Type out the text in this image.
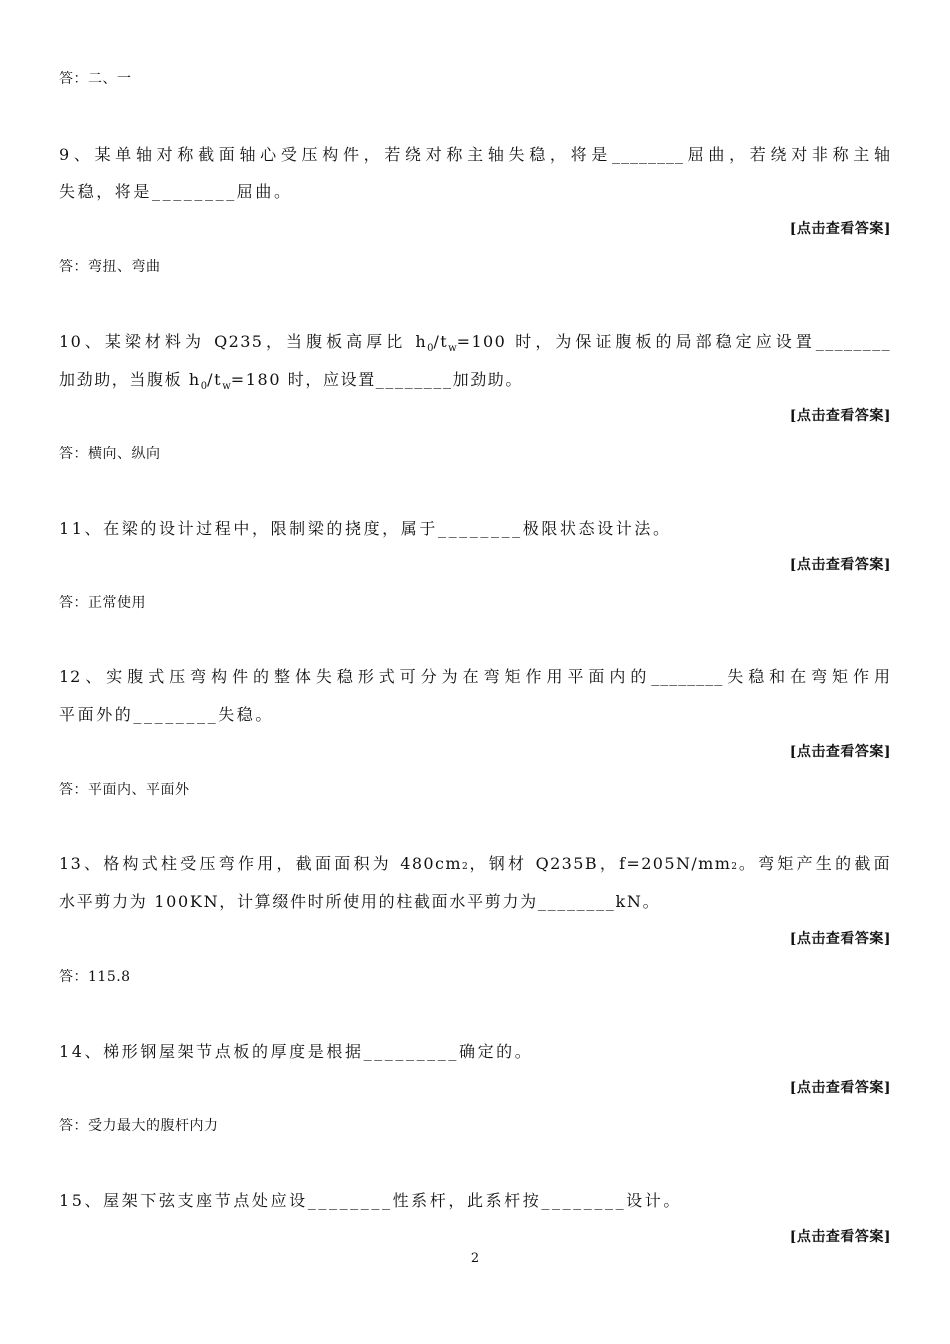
答：二、一
9、某单轴对称截面轴心受压构件，若绕对称主轴失稳，将是________屈曲，若绕对非称主轴
失稳，将是________屈曲。
[点击查看答案]
答：弯扭、弯曲
10、某梁材料为 Q235，当腹板高厚比 $h_0/t_w=100$ 时，为保证腹板的局部稳定应设置________
加劲助，当腹板 $h_0/t_w=180$ 时，应设置________加劲助。
[点击查看答案]
答：横向、纵向
11、在梁的设计过程中，限制梁的挠度，属于________极限状态设计法。
[点击查看答案]
答：正常使用
12、实腹式压弯构件的整体失稳形式可分为在弯矩作用平面内的________失稳和在弯矩作用
平面外的________失稳。
[点击查看答案]
答：平面内、平面外
13、格构式柱受压弯作用，截面面积为 480cm2，钢材 Q235B，f=205N/mm2。弯矩产生的截面
水平剪力为 100KN，计算缀件时所使用的柱截面水平剪力为________kN。
[点击查看答案]
答：115.8
14、梯形钢屋架节点板的厚度是根据_________确定的。
[点击查看答案]
答：受力最大的腹杆内力
15、屋架下弦支座节点处应设________性系杆，此系杆按________设计。
[点击查看答案]
2
